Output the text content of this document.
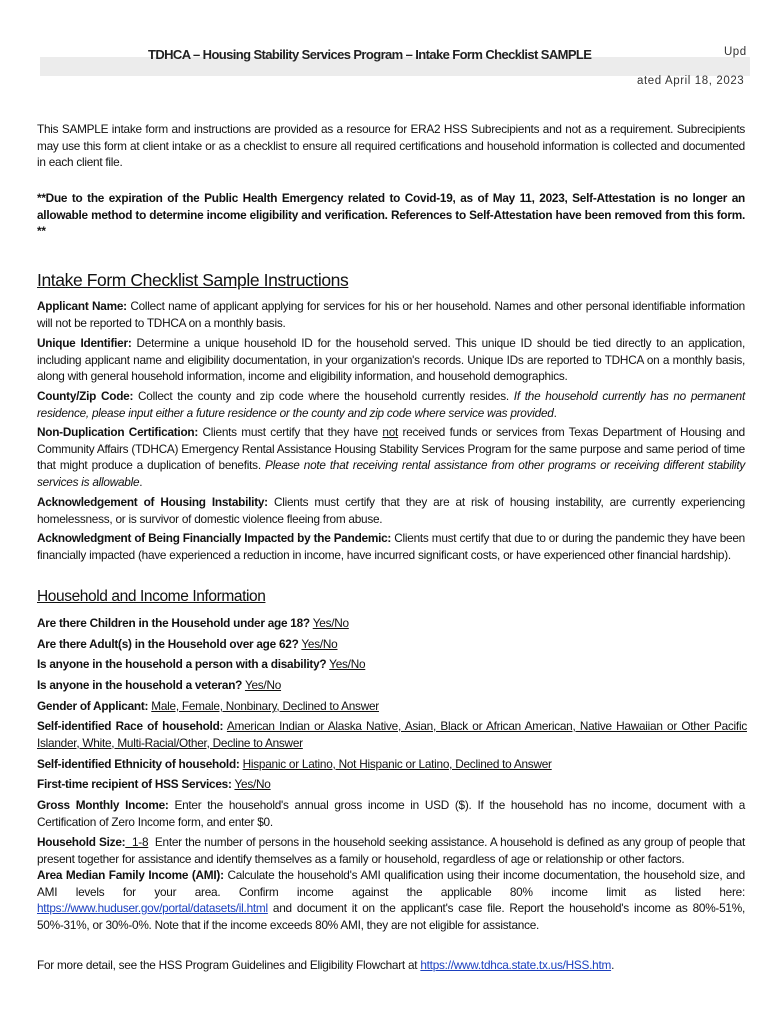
TDHCA – Housing Stability Services Program – Intake Form Checklist SAMPLE	Upd
ated April 18, 2023
This SAMPLE intake form and instructions are provided as a resource for ERA2 HSS Subrecipients and not as a requirement. Subrecipients may use this form at client intake or as a checklist to ensure all required certifications and household information is collected and documented in each client file.
**Due to the expiration of the Public Health Emergency related to Covid-19, as of May 11, 2023, Self-Attestation is no longer an allowable method to determine income eligibility and verification. References to Self-Attestation have been removed from this form. **
Intake Form Checklist Sample Instructions
Applicant Name: Collect name of applicant applying for services for his or her household. Names and other personal identifiable information will not be reported to TDHCA on a monthly basis.
Unique Identifier: Determine a unique household ID for the household served. This unique ID should be tied directly to an application, including applicant name and eligibility documentation, in your organization's records. Unique IDs are reported to TDHCA on a monthly basis, along with general household information, income and eligibility information, and household demographics.
County/Zip Code: Collect the county and zip code where the household currently resides. If the household currently has no permanent residence, please input either a future residence or the county and zip code where service was provided.
Non-Duplication Certification: Clients must certify that they have not received funds or services from Texas Department of Housing and Community Affairs (TDHCA) Emergency Rental Assistance Housing Stability Services Program for the same purpose and same period of time that might produce a duplication of benefits. Please note that receiving rental assistance from other programs or receiving different stability services is allowable.
Acknowledgement of Housing Instability: Clients must certify that they are at risk of housing instability, are currently experiencing homelessness, or is survivor of domestic violence fleeing from abuse.
Acknowledgment of Being Financially Impacted by the Pandemic: Clients must certify that due to or during the pandemic they have been financially impacted (have experienced a reduction in income, have incurred significant costs, or have experienced other financial hardship).
Household and Income Information
Are there Children in the Household under age 18? Yes/No
Are there Adult(s) in the Household over age 62? Yes/No
Is anyone in the household a person with a disability? Yes/No
Is anyone in the household a veteran? Yes/No
Gender of Applicant: Male, Female, Nonbinary, Declined to Answer
Self-identified Race of household: American Indian or Alaska Native, Asian, Black or African American, Native Hawaiian or Other Pacific Islander, White, Multi-Racial/Other, Decline to Answer
Self-identified Ethnicity of household: Hispanic or Latino, Not Hispanic or Latino, Declined to Answer
First-time recipient of HSS Services: Yes/No
Gross Monthly Income: Enter the household's annual gross income in USD ($). If the household has no income, document with a Certification of Zero Income form, and enter $0.
Household Size:  1-8  Enter the number of persons in the household seeking assistance. A household is defined as any group of people that present together for assistance and identify themselves as a family or household, regardless of age or relationship or other factors.
Area Median Family Income (AMI): Calculate the household's AMI qualification using their income documentation, the household size, and AMI levels for your area. Confirm income against the applicable 80% income limit as listed here: https://www.huduser.gov/portal/datasets/il.html and document it on the applicant's case file. Report the household's income as 80%-51%, 50%-31%, or 30%-0%. Note that if the income exceeds 80% AMI, they are not eligible for assistance.
For more detail, see the HSS Program Guidelines and Eligibility Flowchart at https://www.tdhca.state.tx.us/HSS.htm.
